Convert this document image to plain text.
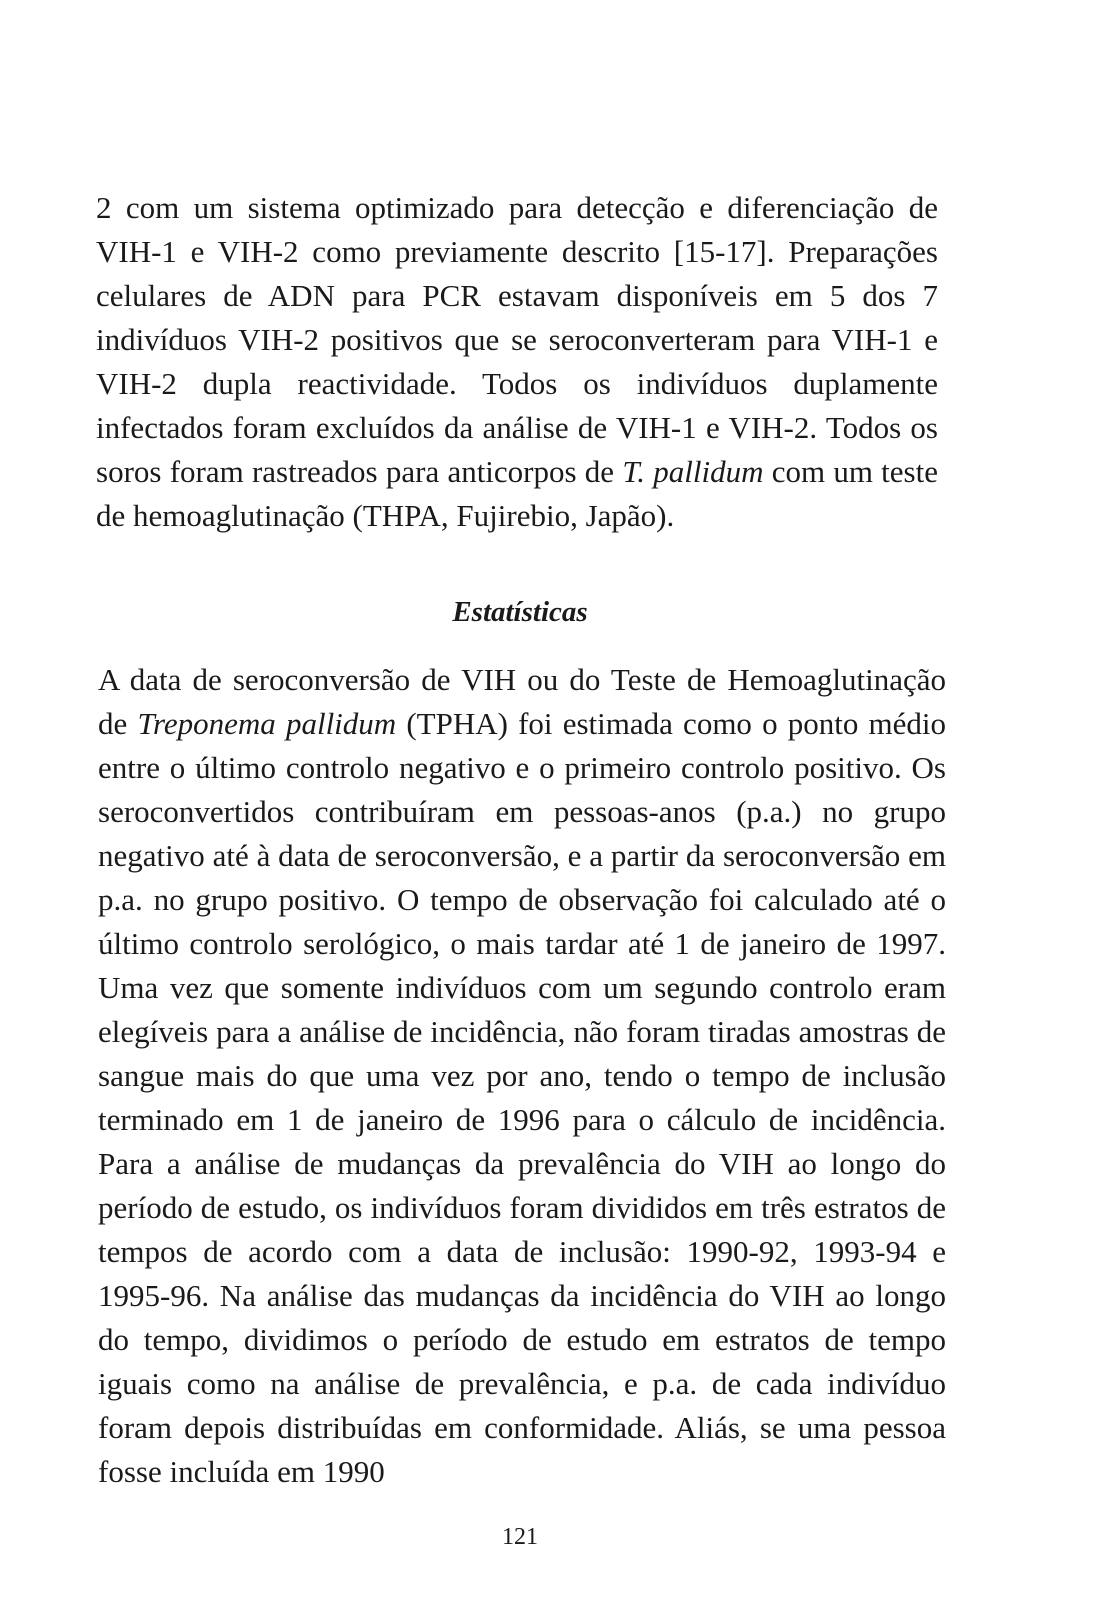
2 com um sistema optimizado para detecção e diferenciação de VIH-1 e VIH-2 como previamente descrito [15-17]. Preparações celulares de ADN para PCR estavam disponíveis em 5 dos 7 indivíduos VIH-2 positivos que se seroconverteram para VIH-1 e VIH-2 dupla reactividade. Todos os indivíduos duplamente infectados foram excluídos da análise de VIH-1 e VIH-2. Todos os soros foram rastreados para anticorpos de T. pallidum com um teste de hemoaglutinação (THPA, Fujirebio, Japão).

Estatísticas

A data de seroconversão de VIH ou do Teste de Hemoaglutinação de Treponema pallidum (TPHA) foi estimada como o ponto médio entre o último controlo negativo e o primeiro controlo positivo. Os seroconvertidos contribuíram em pessoas-anos (p.a.) no grupo negativo até à data de seroconversão, e a partir da seroconversão em p.a. no grupo positivo. O tempo de observação foi calculado até o último controlo serológico, o mais tardar até 1 de janeiro de 1997. Uma vez que somente indivíduos com um segundo controlo eram elegíveis para a análise de incidência, não foram tiradas amostras de sangue mais do que uma vez por ano, tendo o tempo de inclusão terminado em 1 de janeiro de 1996 para o cálculo de incidência. Para a análise de mudanças da prevalência do VIH ao longo do período de estudo, os indivíduos foram divididos em três estratos de tempos de acordo com a data de inclusão: 1990-92, 1993-94 e 1995-96. Na análise das mudanças da incidência do VIH ao longo do tempo, dividimos o período de estudo em estratos de tempo iguais como na análise de prevalência, e p.a. de cada indivíduo foram depois distribuídas em conformidade. Aliás, se uma pessoa fosse incluída em 1990

121
